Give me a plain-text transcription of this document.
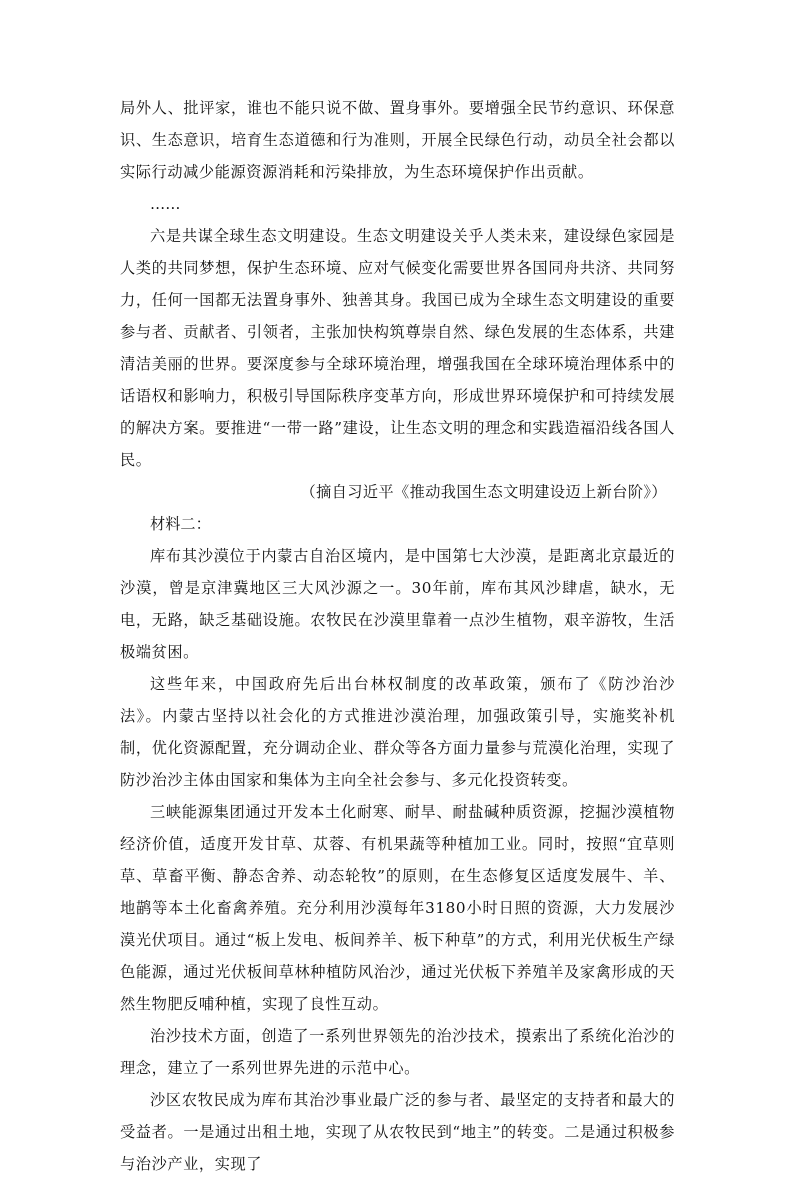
局外人、批评家，谁也不能只说不做、置身事外。要增强全民节约意识、环保意识、生态意识，培育生态道德和行为准则，开展全民绿色行动，动员全社会都以实际行动减少能源资源消耗和污染排放，为生态环境保护作出贡献。

……

六是共谋全球生态文明建设。生态文明建设关乎人类未来，建设绿色家园是人类的共同梦想，保护生态环境、应对气候变化需要世界各国同舟共济、共同努力，任何一国都无法置身事外、独善其身。我国已成为全球生态文明建设的重要参与者、贡献者、引领者，主张加快构筑尊崇自然、绿色发展的生态体系，共建清洁美丽的世界。要深度参与全球环境治理，增强我国在全球环境治理体系中的话语权和影响力，积极引导国际秩序变革方向，形成世界环境保护和可持续发展的解决方案。要推进“一带一路”建设，让生态文明的理念和实践造福沿线各国人民。

（摘自习近平《推动我国生态文明建设迈上新台阶》）

材料二：

库布其沙漠位于内蒙古自治区境内，是中国第七大沙漠，是距离北京最近的沙漠，曾是京津冀地区三大风沙源之一。30年前，库布其风沙肆虐，缺水，无电，无路，缺乏基础设施。农牧民在沙漠里靠着一点沙生植物，艰辛游牧，生活极端贫困。

这些年来，中国政府先后出台林权制度的改革政策，颁布了《防沙治沙法》。内蒙古坚持以社会化的方式推进沙漠治理，加强政策引导，实施奖补机制，优化资源配置，充分调动企业、群众等各方面力量参与荒漠化治理，实现了防沙治沙主体由国家和集体为主向全社会参与、多元化投资转变。

三峡能源集团通过开发本土化耐寒、耐旱、耐盐碱种质资源，挖掘沙漠植物经济价值，适度开发甘草、苁蓉、有机果蔬等种植加工业。同时，按照“宜草则草、草畜平衡、静态舍养、动态轮牧”的原则，在生态修复区适度发展牛、羊、地鹋等本土化畜禽养殖。充分利用沙漠每年3180小时日照的资源，大力发展沙漠光伏项目。通过“板上发电、板间养羊、板下种草”的方式，利用光伏板生产绿色能源，通过光伏板间草林种植防风治沙，通过光伏板下养殖羊及家禽形成的天然生物肥反哺种植，实现了良性互动。

治沙技术方面，创造了一系列世界领先的治沙技术，摸索出了系统化治沙的理念，建立了一系列世界先进的示范中心。

沙区农牧民成为库布其治沙事业最广泛的参与者、最坚定的支持者和最大的受益者。一是通过出租土地，实现了从农牧民到“地主”的转变。二是通过积极参与治沙产业，实现了
